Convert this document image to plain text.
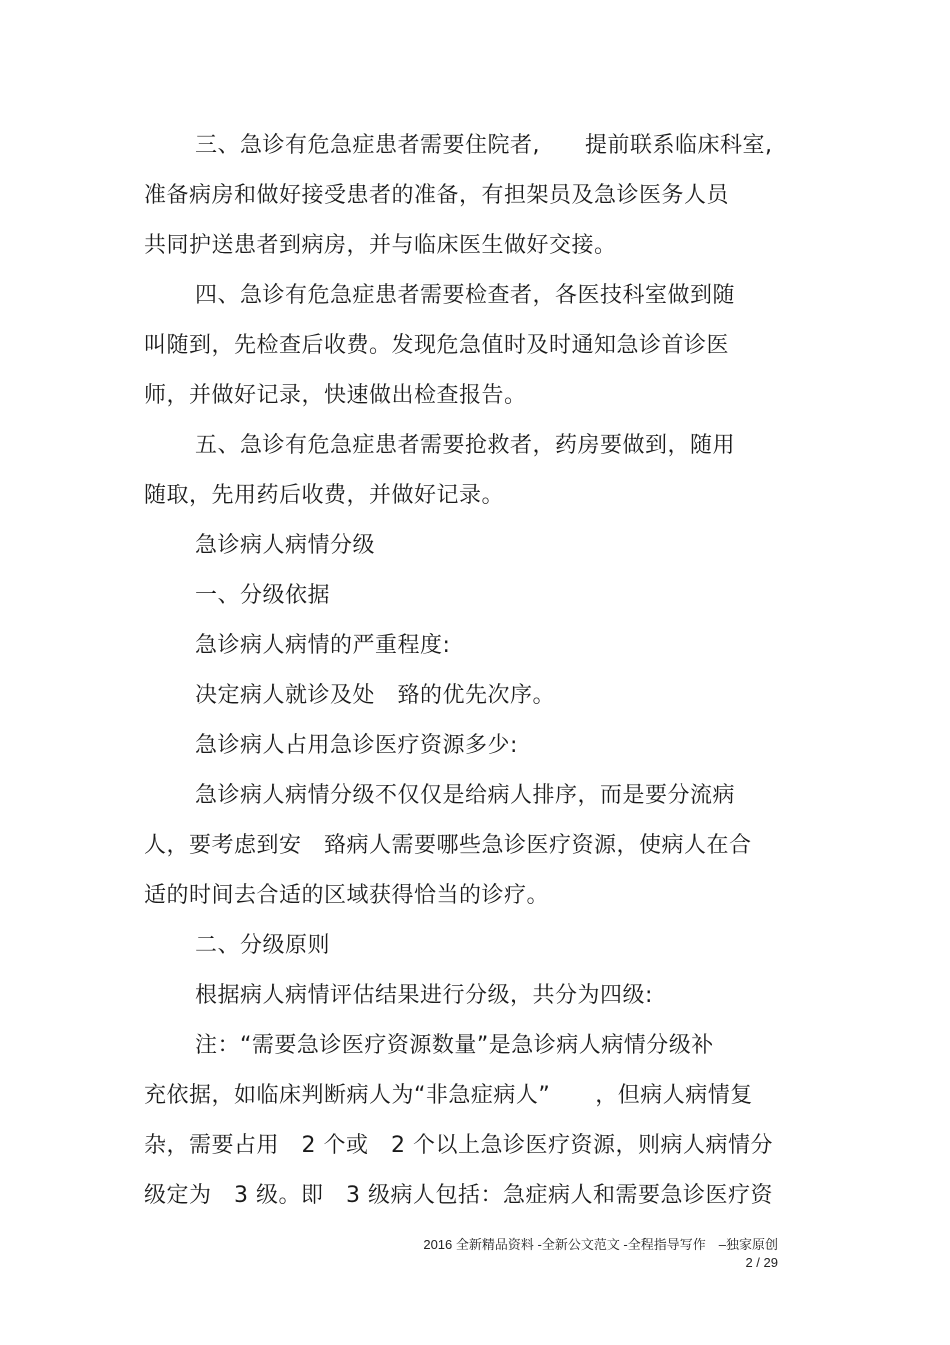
三、急诊有危急症患者需要住院者,　　提前联系临床科室,
准备病房和做好接受患者的准备，有担架员及急诊医务人员
共同护送患者到病房，并与临床医生做好交接。
四、急诊有危急症患者需要检查者，各医技科室做到随
叫随到，先检查后收费。发现危急值时及时通知急诊首诊医
师，并做好记录，快速做出检查报告。
五、急诊有危急症患者需要抢救者，药房要做到，随用
随取，先用药后收费，并做好记录。
急诊病人病情分级
一、分级依据
急诊病人病情的严重程度:
决定病人就诊及处　臵的优先次序。
急诊病人占用急诊医疗资源多少:
急诊病人病情分级不仅仅是给病人排序，而是要分流病
人，要考虑到安　臵病人需要哪些急诊医疗资源，使病人在合
适的时间去合适的区域获得恰当的诊疗。
二、分级原则
根据病人病情评估结果进行分级，共分为四级:
注：“需要急诊医疗资源数量”是急诊病人病情分级补
充依据，如临床判断病人为“非急症病人”　　，但病人病情复
杂，需要占用　2 个或　2 个以上急诊医疗资源，则病人病情分
级定为　3 级。即　3 级病人包括：急症病人和需要急诊医疗资
2016 全新精品资料 -全新公文范文 -全程指导写作　–独家原创
2 / 29
